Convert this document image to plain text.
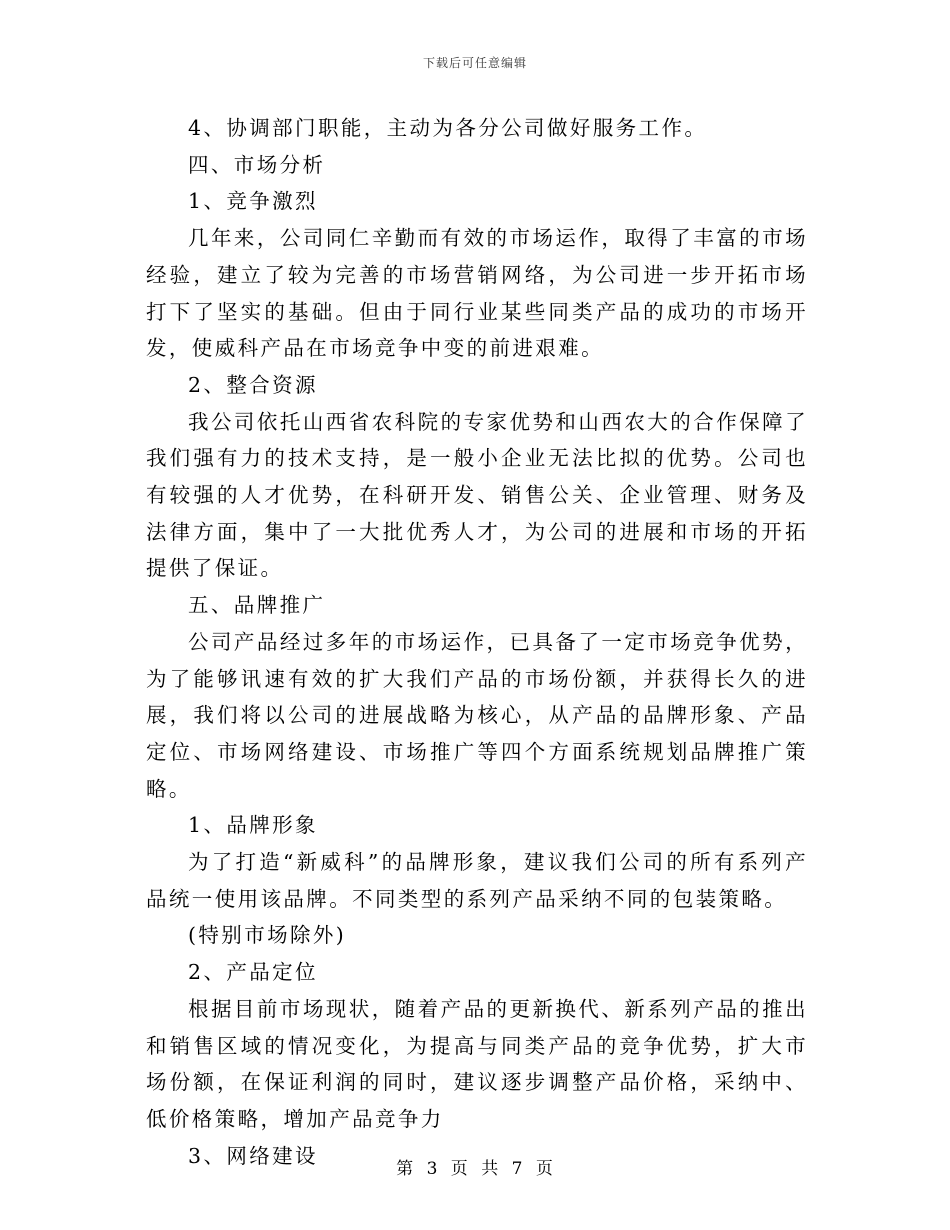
下载后可任意编辑

4、协调部门职能，主动为各分公司做好服务工作。

四、市场分析

1、竞争激烈

几年来，公司同仁辛勤而有效的市场运作，取得了丰富的市场经验，建立了较为完善的市场营销网络，为公司进一步开拓市场打下了坚实的基础。但由于同行业某些同类产品的成功的市场开发，使威科产品在市场竞争中变的前进艰难。

2、整合资源

我公司依托山西省农科院的专家优势和山西农大的合作保障了我们强有力的技术支持，是一般小企业无法比拟的优势。公司也有较强的人才优势，在科研开发、销售公关、企业管理、财务及法律方面，集中了一大批优秀人才，为公司的进展和市场的开拓提供了保证。

五、品牌推广

公司产品经过多年的市场运作，已具备了一定市场竞争优势，为了能够讯速有效的扩大我们产品的市场份额，并获得长久的进展，我们将以公司的进展战略为核心，从产品的品牌形象、产品定位、市场网络建设、市场推广等四个方面系统规划品牌推广策略。

1、品牌形象

为了打造“新威科”的品牌形象，建议我们公司的所有系列产品统一使用该品牌。不同类型的系列产品采纳不同的包装策略。

(特别市场除外)

2、产品定位

根据目前市场现状，随着产品的更新换代、新系列产品的推出和销售区域的情况变化，为提高与同类产品的竞争优势，扩大市场份额，在保证利润的同时，建议逐步调整产品价格，采纳中、低价格策略，增加产品竞争力

3、网络建设

第 3 页 共 7 页
